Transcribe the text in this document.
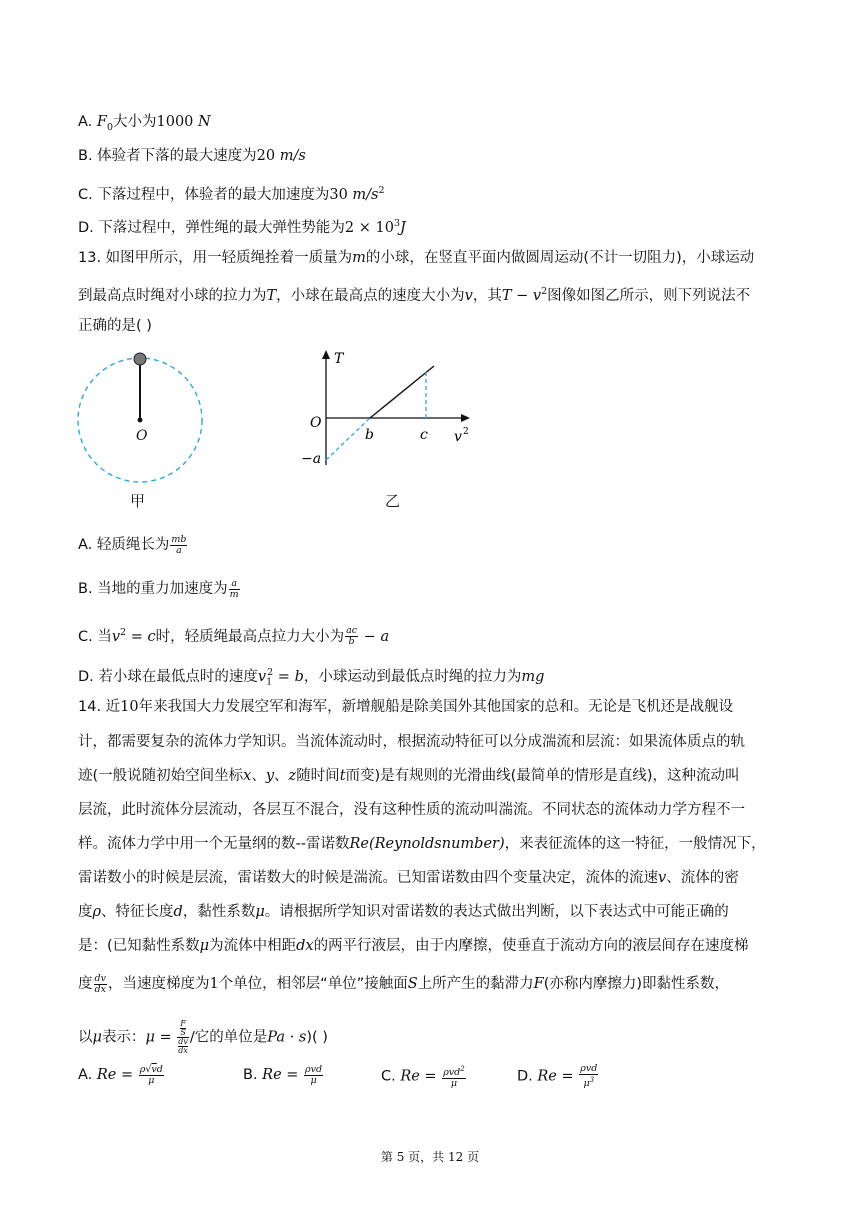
A. $F_0$大小为1000 N
B. 体验者下落的最大速度为20 m/s
C. 下落过程中，体验者的最大加速度为30 $m/s^2$
D. 下落过程中，弹性绳的最大弹性势能为$2 \times 10^3J$
13. 如图甲所示，用一轻质绳拴着一质量为m的小球，在竖直平面内做圆周运动(不计一切阻力)，小球运动
到最高点时绳对小球的拉力为T，小球在最高点的速度大小为v，其$T - v^2$图像如图乙所示，则下列说法不
正确的是( )
O
甲
T
O
b	c v 2
−a
乙
A. 轻质绳长为 $\frac{mb}{a}$
B. 当地的重力加速度为 $\frac{a}{m}$
C. 当$v^2 = c$时，轻质绳最高点拉力大小为 $\frac{ac}{b} - a$
D. 若小球在最低点时的速度$v_1^2 = b$，小球运动到最低点时绳的拉力为mg
14. 近10年来我国大力发展空军和海军，新增舰船是除美国外其他国家的总和。无论是飞机还是战舰设
计，都需要复杂的流体力学知识。当流体流动时，根据流动特征可以分成湍流和层流：如果流体质点的轨
迹(一般说随初始空间坐标x、y、z随时间t而变)是有规则的光滑曲线(最简单的情形是直线)，这种流动叫
层流，此时流体分层流动，各层互不混合，没有这种性质的流动叫湍流。不同状态的流体动力学方程不一
样。流体力学中用一个无量纲的数--雷诺数Re(Reynoldsnumber)，来表征流体的这一特征，一般情况下，
雷诺数小的时候是层流，雷诺数大的时候是湍流。已知雷诺数由四个变量决定，流体的流速v、流体的密
度ρ、特征长度d，黏性系数μ。请根据所学知识对雷诺数的表达式做出判断，以下表达式中可能正确的
是：(已知黏性系数μ为流体中相距dx的两平行液层，由于内摩擦，使垂直于流动方向的液层间存在速度梯
度 $\frac{dv}{dx}$ ，当速度梯度为1个单位，相邻层“单位”接触面S上所产生的黏滞力F(亦称内摩擦力)即黏性系数，
以μ表示：$\mu = \frac{\frac{F}{S}}{\frac{dv}{dx}}$ /它的单位是Pa · s)( )
A. $Re = \frac{\rho√vd}{\mu}$	B. $Re = \frac{\text{ρvd}}{\mu}$	C. $Re = \frac{\rho vd^2}{\mu}$	D. $Re = \frac{\text{ρvd}}{\mu^3}$
第 5 页，共 12 页
